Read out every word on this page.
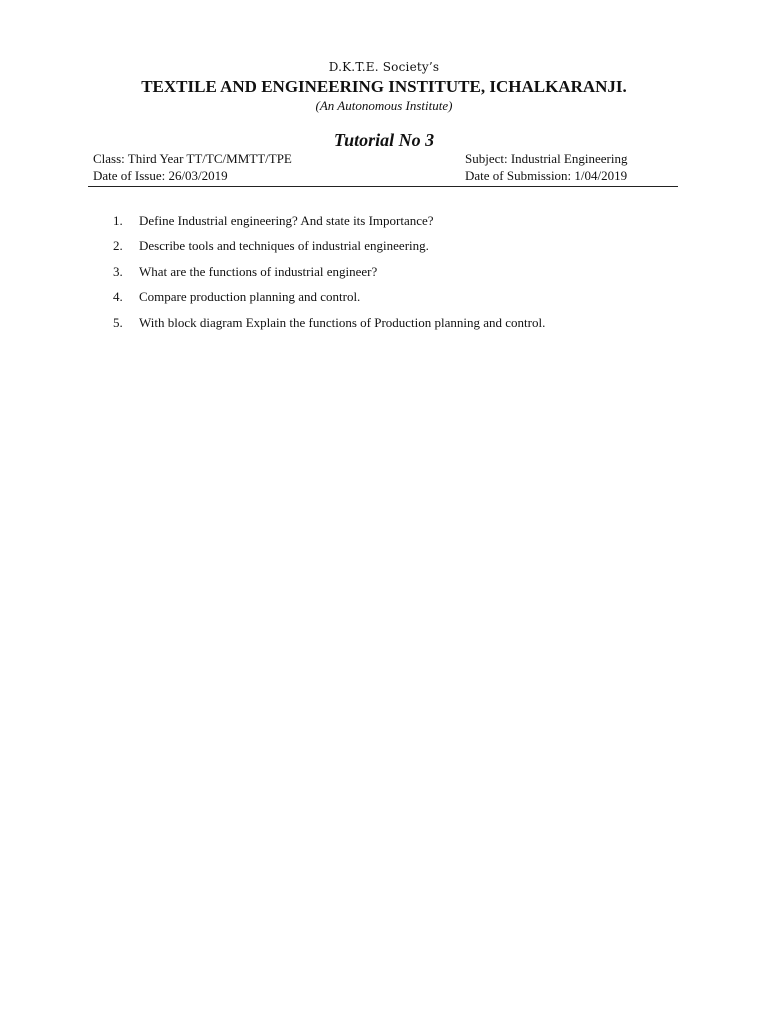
D.K.T.E. Society’s
TEXTILE AND ENGINEERING INSTITUTE, ICHALKARANJI.
(An Autonomous Institute)
Tutorial No 3
Class: Third Year TT/TC/MMTT/TPE	Subject: Industrial Engineering
Date of Issue: 26/03/2019	Date of Submission: 1/04/2019
1. Define Industrial engineering? And state its Importance?
2. Describe tools and techniques of industrial engineering.
3. What are the functions of industrial engineer?
4. Compare production planning and control.
5. With block diagram Explain the functions of Production planning and control.
